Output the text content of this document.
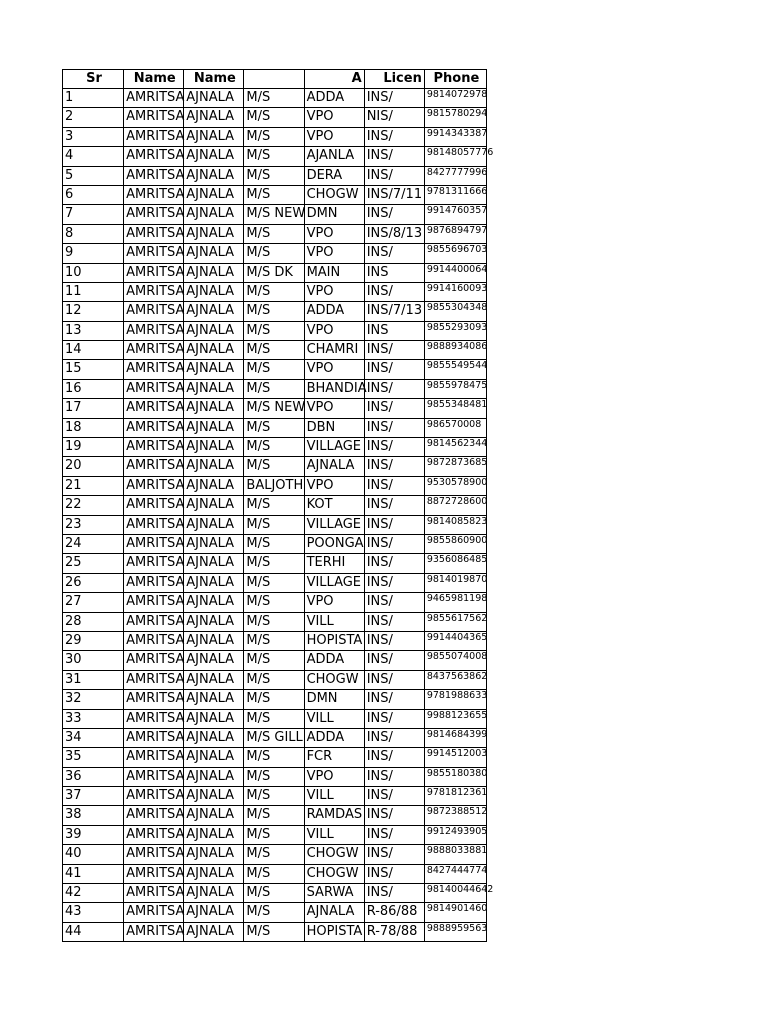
Sr	Name	Name		A	Licen	Phone
1	AMRITSA	AJNALA	M/S	ADDA	INS/	9814072978
2	AMRITSA	AJNALA	M/S	VPO	NIS/	9815780294
3	AMRITSA	AJNALA	M/S	VPO	INS/	9914343387
4	AMRITSA	AJNALA	M/S	AJANLA	INS/	98148057776
5	AMRITSA	AJNALA	M/S	DERA	INS/	8427777996
6	AMRITSA	AJNALA	M/S	CHOGW	INS/7/11	9781311666
7	AMRITSA	AJNALA	M/S NEW	DMN	INS/	9914760357
8	AMRITSA	AJNALA	M/S	VPO	INS/8/13	9876894797
9	AMRITSA	AJNALA	M/S	VPO	INS/	9855696703
10	AMRITSA	AJNALA	M/S DK	MAIN	INS	9914400064
11	AMRITSA	AJNALA	M/S	VPO	INS/	9914160093
12	AMRITSA	AJNALA	M/S	ADDA	INS/7/13	9855304348
13	AMRITSA	AJNALA	M/S	VPO	INS	9855293093
14	AMRITSA	AJNALA	M/S	CHAMRI	INS/	9888934086
15	AMRITSA	AJNALA	M/S	VPO	INS/	9855549544
16	AMRITSA	AJNALA	M/S	BHANDIA	INS/	9855978475
17	AMRITSA	AJNALA	M/S NEW	VPO	INS/	9855348481
18	AMRITSA	AJNALA	M/S	DBN	INS/	986570008
19	AMRITSA	AJNALA	M/S	VILLAGE	INS/	9814562344
20	AMRITSA	AJNALA	M/S	AJNALA	INS/	9872873685
21	AMRITSA	AJNALA	BALJOTH	VPO	INS/	9530578900
22	AMRITSA	AJNALA	M/S	KOT	INS/	8872728600
23	AMRITSA	AJNALA	M/S	VILLAGE	INS/	9814085823
24	AMRITSA	AJNALA	M/S	POONGA	INS/	9855860900
25	AMRITSA	AJNALA	M/S	TERHI	INS/	9356086485
26	AMRITSA	AJNALA	M/S	VILLAGE	INS/	9814019870
27	AMRITSA	AJNALA	M/S	VPO	INS/	9465981198
28	AMRITSA	AJNALA	M/S	VILL	INS/	9855617562
29	AMRITSA	AJNALA	M/S	HOPISTA	INS/	9914404365
30	AMRITSA	AJNALA	M/S	ADDA	INS/	9855074008
31	AMRITSA	AJNALA	M/S	CHOGW	INS/	8437563862
32	AMRITSA	AJNALA	M/S	DMN	INS/	9781988633
33	AMRITSA	AJNALA	M/S	VILL	INS/	9988123655
34	AMRITSA	AJNALA	M/S GILL	ADDA	INS/	9814684399
35	AMRITSA	AJNALA	M/S	FCR	INS/	9914512003
36	AMRITSA	AJNALA	M/S	VPO	INS/	9855180380
37	AMRITSA	AJNALA	M/S	VILL	INS/	9781812361
38	AMRITSA	AJNALA	M/S	RAMDAS	INS/	9872388512
39	AMRITSA	AJNALA	M/S	VILL	INS/	9912493905
40	AMRITSA	AJNALA	M/S	CHOGW	INS/	9888033881
41	AMRITSA	AJNALA	M/S	CHOGW	INS/	8427444774
42	AMRITSA	AJNALA	M/S	SARWA	INS/	98140044642
43	AMRITSA	AJNALA	M/S	AJNALA	R-86/88	9814901460
44	AMRITSA	AJNALA	M/S	HOPISTA	R-78/88	9888959563
